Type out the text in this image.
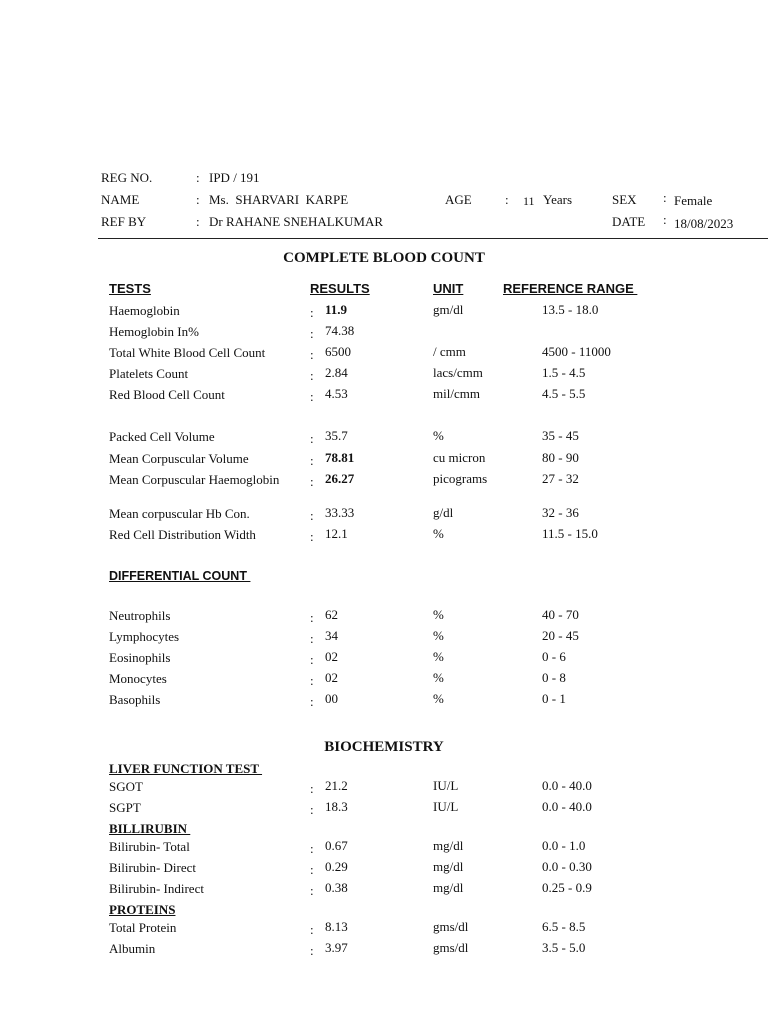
REG NO.	: IPD / 191
NAME	: Ms.  SHARVARI  KARPE	AGE	: 11 Years	SEX : Female
REF BY	: Dr RAHANE SNEHALKUMAR	DATE : 18/08/2023
COMPLETE BLOOD COUNT
TESTS	RESULTS	UNIT	REFERENCE RANGE
Haemoglobin	: 11.9	gm/dl	13.5 - 18.0
Hemoglobin In%	: 74.38
Total White Blood Cell Count	: 6500	/ cmm	4500 - 11000
Platelets Count	: 2.84	lacs/cmm	1.5 - 4.5
Red Blood Cell Count	: 4.53	mil/cmm	4.5 - 5.5
Packed Cell Volume	: 35.7	%	35 - 45
Mean Corpuscular Volume	: 78.81	cu micron	80 - 90
Mean Corpuscular Haemoglobin	: 26.27	picograms	27 - 32
Mean corpuscular Hb Con.	: 33.33	g/dl	32 - 36
Red Cell Distribution Width	: 12.1	%	11.5 - 15.0
DIFFERENTIAL COUNT
Neutrophils	: 62	%	40 - 70
Lymphocytes	: 34	%	20 - 45
Eosinophils	: 02	%	0 - 6
Monocytes	: 02	%	0 - 8
Basophils	: 00	%	0 - 1
BIOCHEMISTRY
LIVER FUNCTION TEST
SGOT	: 21.2	IU/L	0.0 - 40.0
SGPT	: 18.3	IU/L	0.0 - 40.0
BILLIRUBIN
Bilirubin- Total	: 0.67	mg/dl	0.0 - 1.0
Bilirubin- Direct	: 0.29	mg/dl	0.0 - 0.30
Bilirubin- Indirect	: 0.38	mg/dl	0.25 - 0.9
PROTEINS
Total Protein	: 8.13	gms/dl	6.5 - 8.5
Albumin	: 3.97	gms/dl	3.5 - 5.0
